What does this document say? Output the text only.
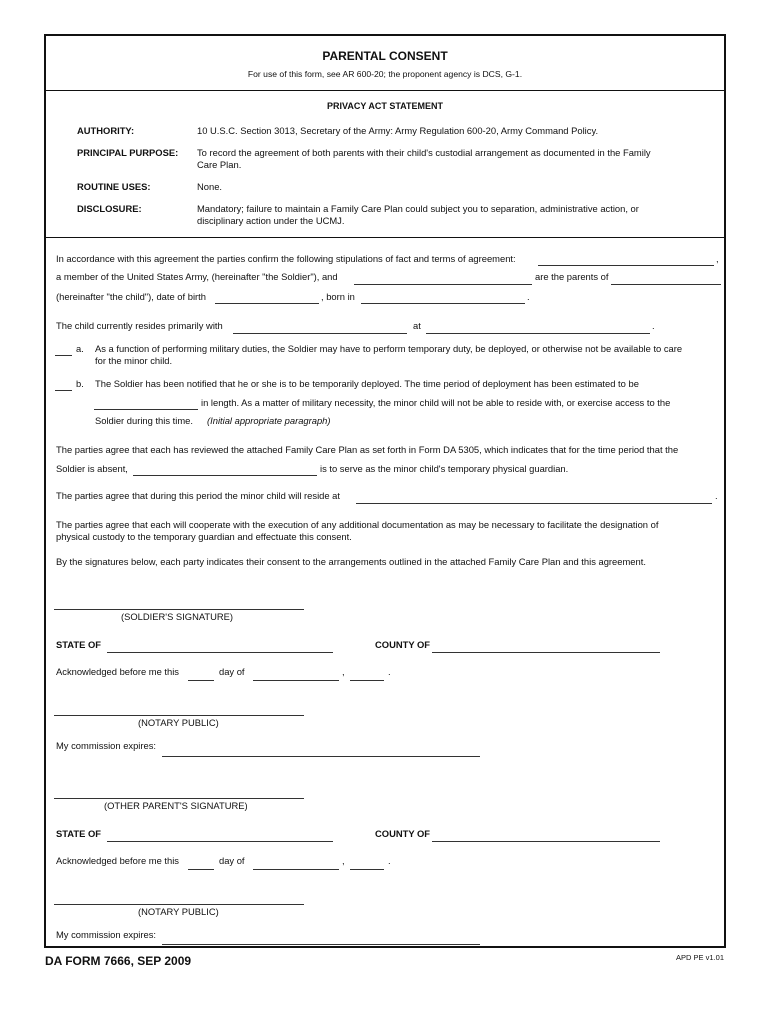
PARENTAL CONSENT
For use of this form, see AR 600-20; the proponent agency is DCS, G-1.
PRIVACY ACT STATEMENT
AUTHORITY:	10 U.S.C. Section 3013, Secretary of the Army: Army Regulation 600-20, Army Command Policy.
PRINCIPAL PURPOSE: To record the agreement of both parents with their child's custodial arrangement as documented in the Family
Care Plan.
ROUTINE USES:	None.
DISCLOSURE:	Mandatory; failure to maintain a Family Care Plan could subject you to separation, administrative action, or
disciplinary action under the UCMJ.
In accordance with this agreement the parties confirm the following stipulations of fact and terms of agreement:	,
a member of the United States Army, (hereinafter "the Soldier"), and	are the parents of
(hereinafter "the child"), date of birth	, born in	.
The child currently resides primarily with	at	.
a. As a function of performing military duties, the Soldier may have to perform temporary duty, be deployed, or otherwise not be available to care
for the minor child.
b. The Soldier has been notified that he or she is to be temporarily deployed. The time period of deployment has been estimated to be
in length. As a matter of military necessity, the minor child will not be able to reside with, or exercise access to the
Soldier during this time. (Initial appropriate paragraph)
The parties agree that each has reviewed the attached Family Care Plan as set forth in Form DA 5305, which indicates that for the time period that the
Soldier is absent,	is to serve as the minor child's temporary physical guardian.
The parties agree that during this period the minor child will reside at	.
The parties agree that each will cooperate with the execution of any additional documentation as may be necessary to facilitate the designation of
physical custody to the temporary guardian and effectuate this consent.
By the signatures below, each party indicates their consent to the arrangements outlined in the attached Family Care Plan and this agreement.
(SOLDIER'S SIGNATURE)
STATE OF	COUNTY OF
Acknowledged before me this	day of	,	.
(NOTARY PUBLIC)
My commission expires:
(OTHER PARENT'S SIGNATURE)
STATE OF	COUNTY OF
Acknowledged before me this	day of	,	.
(NOTARY PUBLIC)
My commission expires:
DA FORM 7666, SEP 2009	APD PE v1.01
